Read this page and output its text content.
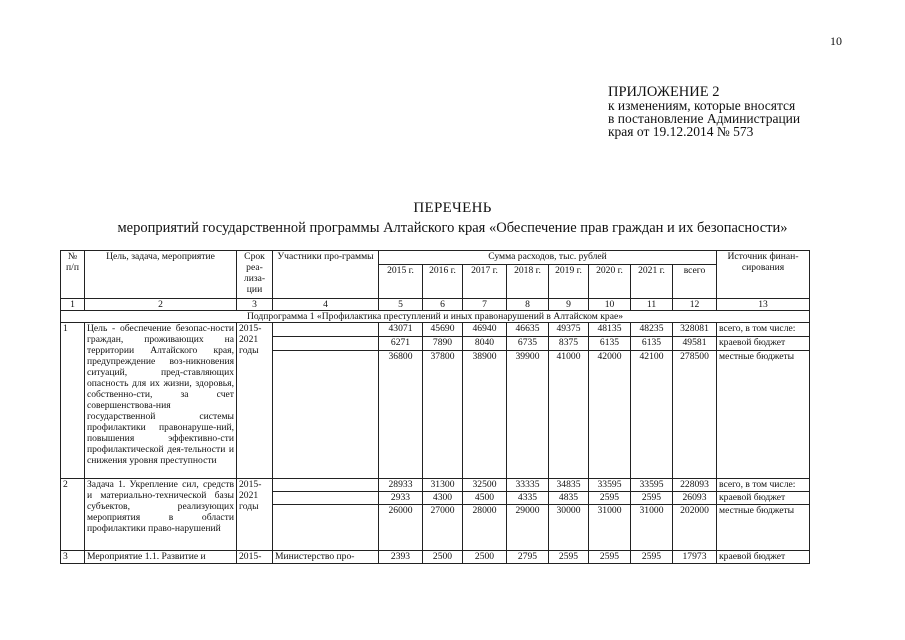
10
ПРИЛОЖЕНИЕ 2
к изменениям, которые вносятся
в постановление Администрации
края от 19.12.2014 № 573
ПЕРЕЧЕНЬ
мероприятий государственной программы Алтайского края «Обеспечение прав граждан и их безопасности»
№ п/п	Цель, задача, мероприятие	Срок реа-лиза-ции	Участники про-граммы	Сумма расходов, тыс. рублей								Источник финан-сирования
				2015 г.	2016 г.	2017 г.	2018 г.	2019 г.	2020 г.	2021 г.	всего	
1	2	3	4	5	6	7	8	9	10	11	12	13
Подпрограмма 1 «Профилактика преступлений и иных правонарушений в Алтайском крае»												
1	Цель - обеспечение безопас-ности граждан, проживающих на территории Алтайского края, предупреждение воз-никновения ситуаций, пред-ставляющих опасность для их жизни, здоровья, собственно-сти, за счет совершенствова-ния государственной системы профилактики правонаруше-ний, повышения эффективно-сти профилактической дея-тельности и снижения уровня преступности	2015-2021 годы		43071	45690	46940	46635	49375	48135	48235	328081	всего, в том числе:
				6271	7890	8040	6735	8375	6135	6135	49581	краевой бюджет
				36800	37800	38900	39900	41000	42000	42100	278500	местные бюджеты
2	Задача 1. Укрепление сил, средств и материально-технической базы субъектов, реализующих мероприятия в области профилактики право-нарушений	2015-2021 годы		28933	31300	32500	33335	34835	33595	33595	228093	всего, в том числе:
				2933	4300	4500	4335	4835	2595	2595	26093	краевой бюджет
				26000	27000	28000	29000	30000	31000	31000	202000	местные бюджеты
3	Мероприятие 1.1. Развитие и	2015-	Министерство про-	2393	2500	2500	2795	2595	2595	2595	17973	краевой бюджет
